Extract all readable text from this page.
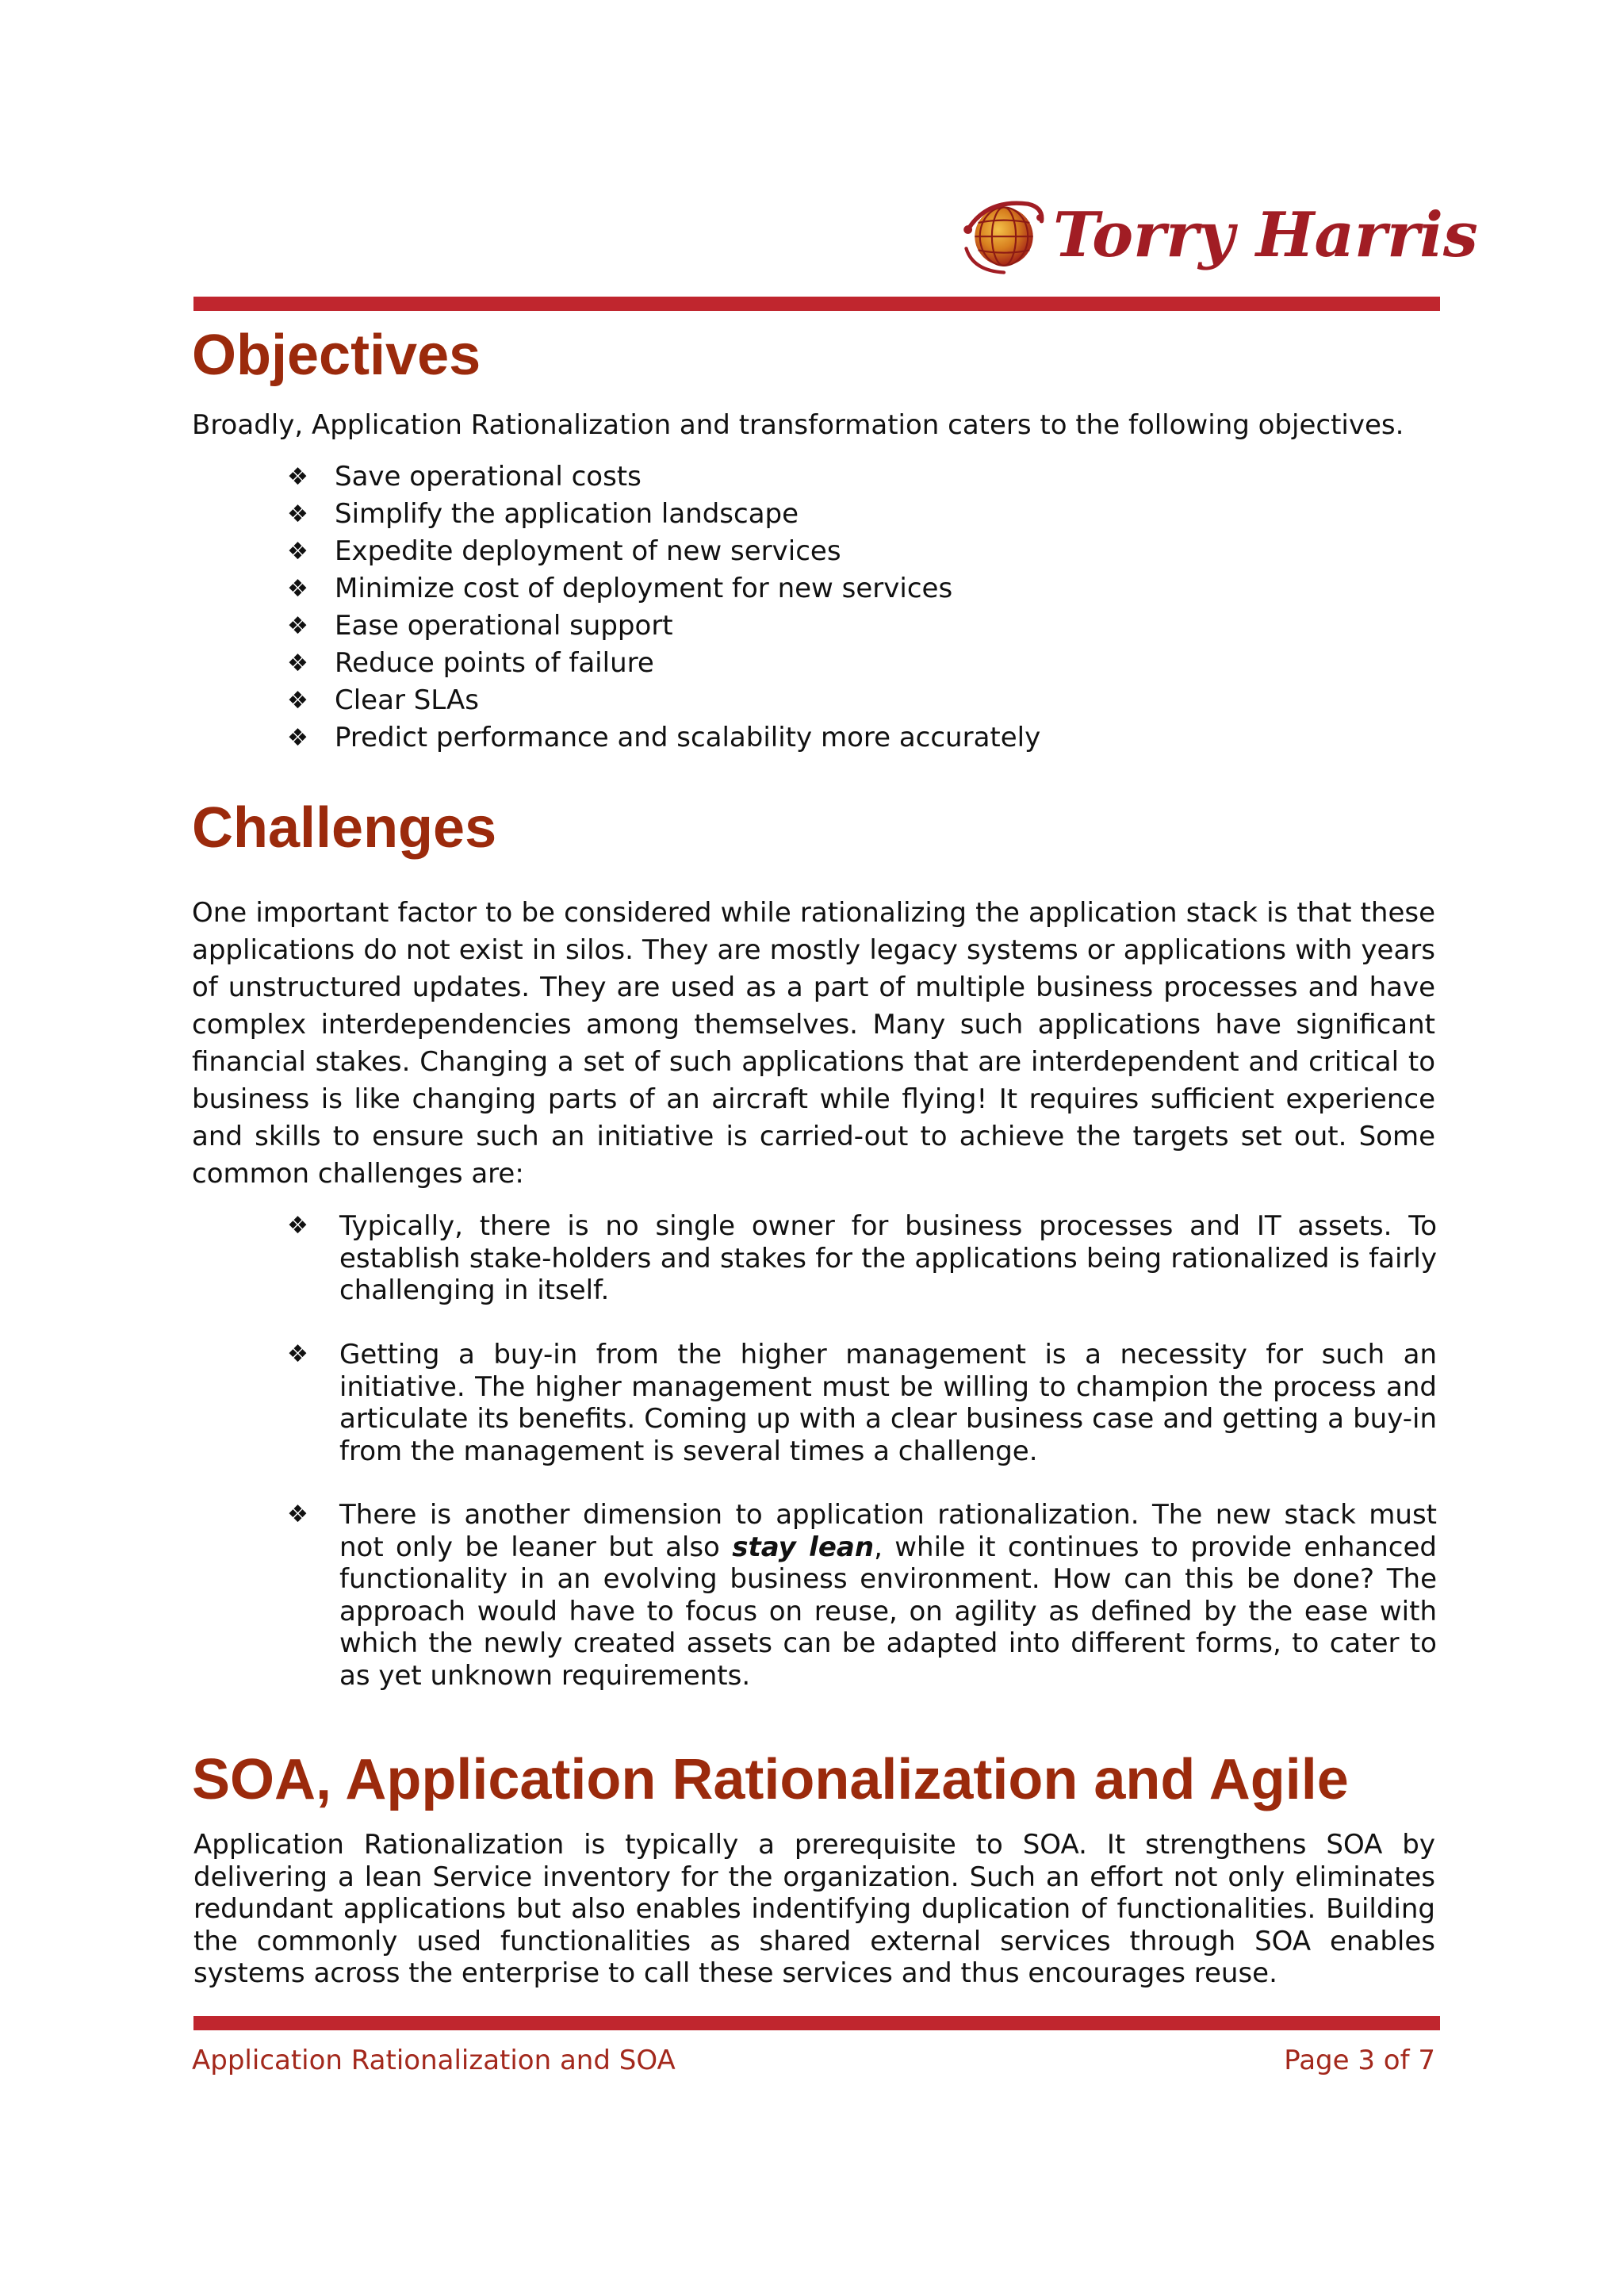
Torry Harris
Objectives

Broadly, Application Rationalization and transformation caters to the following objectives.

❖ Save operational costs
❖ Simplify the application landscape
❖ Expedite deployment of new services
❖ Minimize cost of deployment for new services
❖ Ease operational support
❖ Reduce points of failure
❖ Clear SLAs
❖ Predict performance and scalability more accurately
Challenges

One important factor to be considered while rationalizing the application stack is that these applications do not exist in silos. They are mostly legacy systems or applications with years of unstructured updates. They are used as a part of multiple business processes and have complex interdependencies among themselves. Many such applications have significant financial stakes. Changing a set of such applications that are interdependent and critical to business is like changing parts of an aircraft while flying! It requires sufficient experience and skills to ensure such an initiative is carried-out to achieve the targets set out. Some common challenges are:

❖	Typically, there is no single owner for business processes and IT assets. To establish stake-holders and stakes for the applications being rationalized is fairly challenging in itself.
❖	Getting a buy-in from the higher management is a necessity for such an initiative. The higher management must be willing to champion the process and articulate its benefits. Coming up with a clear business case and getting a buy-in from the management is several times a challenge.
❖	There is another dimension to application rationalization. The new stack must not only be leaner but also stay lean, while it continues to provide enhanced functionality in an evolving business environment. How can this be done? The approach would have to focus on reuse, on agility as defined by the ease with which the newly created assets can be adapted into different forms, to cater to as yet unknown requirements.
SOA, Application Rationalization and Agile

Application Rationalization is typically a prerequisite to SOA. It strengthens SOA by delivering a lean Service inventory for the organization. Such an effort not only eliminates redundant applications but also enables indentifying duplication of functionalities. Building the commonly used functionalities as shared external services through SOA enables systems across the enterprise to call these services and thus encourages reuse.

Application Rationalization and SOA	Page 3 of 7
